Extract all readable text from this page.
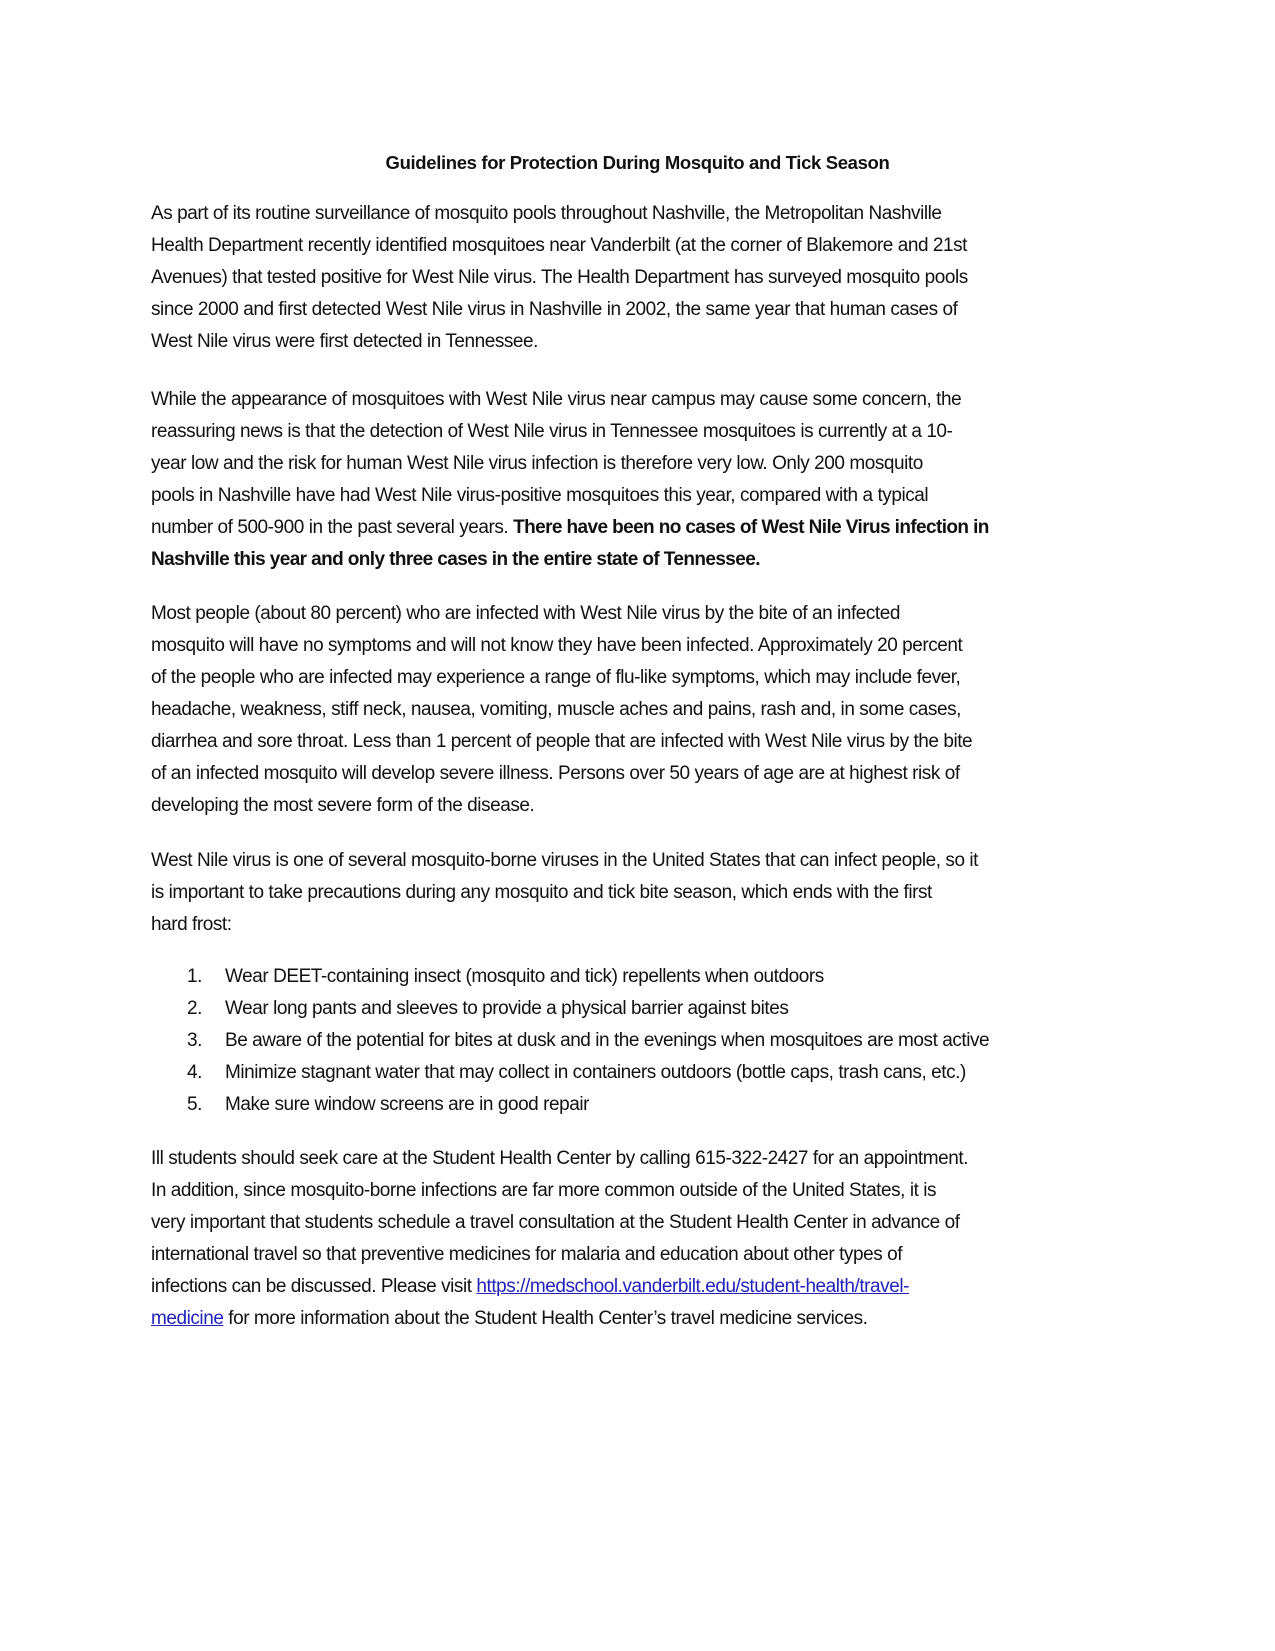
Guidelines for Protection During Mosquito and Tick Season
As part of its routine surveillance of mosquito pools throughout Nashville, the Metropolitan Nashville
Health Department recently identified mosquitoes near Vanderbilt (at the corner of Blakemore and 21st
Avenues) that tested positive for West Nile virus. The Health Department has surveyed mosquito pools
since 2000 and first detected West Nile virus in Nashville in 2002, the same year that human cases of
West Nile virus were first detected in Tennessee.
While the appearance of mosquitoes with West Nile virus near campus may cause some concern, the
reassuring news is that the detection of West Nile virus in Tennessee mosquitoes is currently at a 10-
year low and the risk for human West Nile virus infection is therefore very low. Only 200 mosquito
pools in Nashville have had West Nile virus-positive mosquitoes this year, compared with a typical
number of 500-900 in the past several years. There have been no cases of West Nile Virus infection in
Nashville this year and only three cases in the entire state of Tennessee.
Most people (about 80 percent) who are infected with West Nile virus by the bite of an infected
mosquito will have no symptoms and will not know they have been infected. Approximately 20 percent
of the people who are infected may experience a range of flu-like symptoms, which may include fever,
headache, weakness, stiff neck, nausea, vomiting, muscle aches and pains, rash and, in some cases,
diarrhea and sore throat. Less than 1 percent of people that are infected with West Nile virus by the bite
of an infected mosquito will develop severe illness. Persons over 50 years of age are at highest risk of
developing the most severe form of the disease.
West Nile virus is one of several mosquito-borne viruses in the United States that can infect people, so it
is important to take precautions during any mosquito and tick bite season, which ends with the first
hard frost:
1. Wear DEET-containing insect (mosquito and tick) repellents when outdoors
2. Wear long pants and sleeves to provide a physical barrier against bites
3. Be aware of the potential for bites at dusk and in the evenings when mosquitoes are most active
4. Minimize stagnant water that may collect in containers outdoors (bottle caps, trash cans, etc.)
5. Make sure window screens are in good repair
Ill students should seek care at the Student Health Center by calling 615-322-2427 for an appointment.
In addition, since mosquito-borne infections are far more common outside of the United States, it is
very important that students schedule a travel consultation at the Student Health Center in advance of
international travel so that preventive medicines for malaria and education about other types of
infections can be discussed. Please visit https://medschool.vanderbilt.edu/student-health/travel-
medicine for more information about the Student Health Center’s travel medicine services.
